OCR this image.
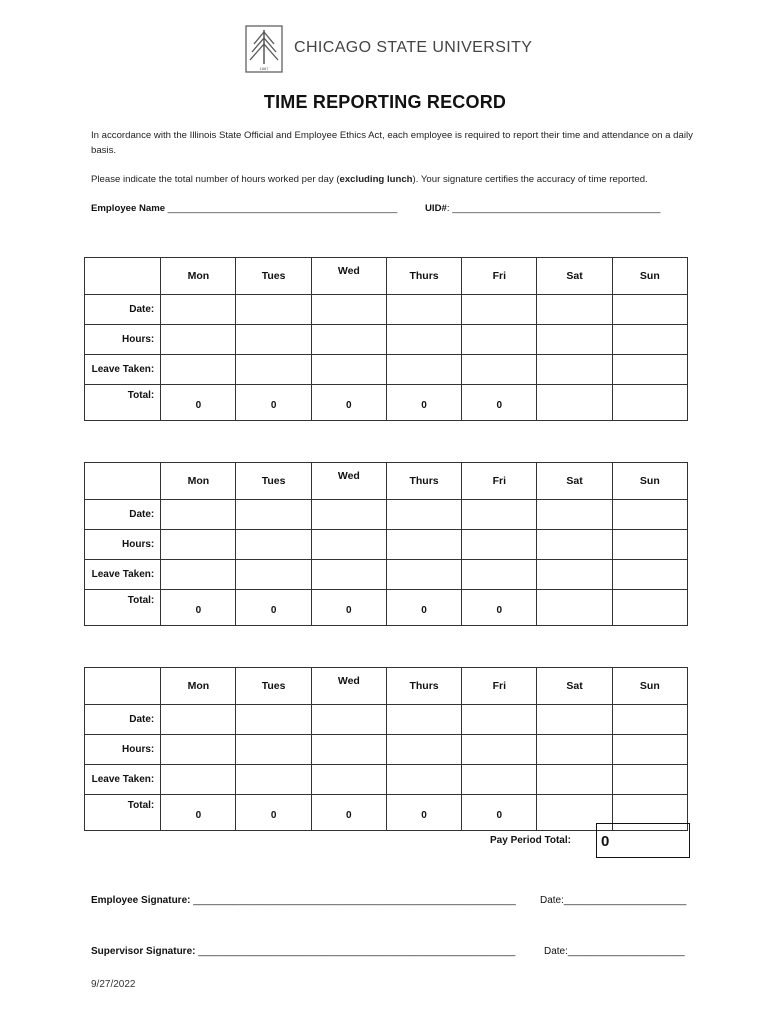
1867
CHICAGO STATE UNIVERSITY
TIME REPORTING RECORD
In accordance with the Illinois State Official and Employee Ethics Act, each employee is required to report their time and attendance on a daily basis.
Please indicate the total number of hours worked per day (excluding lunch). Your signature certifies the accuracy of time reported.
Employee Name ___________________________________________	UID#: _______________________________________
	Mon	Tues	Wed	Thurs	Fri	Sat	Sun
Date:							
Hours:							
Leave Taken:							
Total:	0	0	0	0	0		
	Mon	Tues	Wed	Thurs	Fri	Sat	Sun
Date:							
Hours:							
Leave Taken:							
Total:	0	0	0	0	0		
	Mon	Tues	Wed	Thurs	Fri	Sat	Sun
Date:							
Hours:							
Leave Taken:							
Total:	0	0	0	0	0		
Pay Period Total: 0
Employee Signature: __________________________________________________________ Date:______________________
Supervisor Signature: _________________________________________________________	Date:_____________________
9/27/2022
